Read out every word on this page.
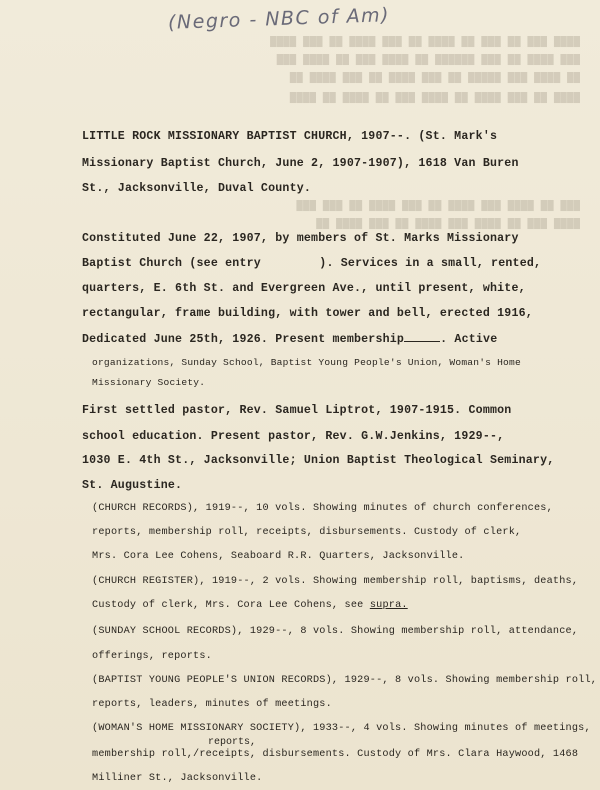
████ ███ ██ ███ ██ ████ ██ ███ ████ ██ ███ ████
███ ████ ██ ███ ██████ ██ ████ ███ ██ ████ ███
██ ████ ███ █████ ██ ███ ████ ██ ███ ████ ██
████ ██ ███ ████ ██ ████ ███ ██ ████ ██ ████
███ ██ ████ ███ ████ ██ ███ ████ ██ ███ ███
████ ███ ██ ████ ███ ████ ██ ███ ████ ██
(Negro - NBC of Am)
LITTLE ROCK MISSIONARY BAPTIST CHURCH, 1907--. (St. Mark's
Missionary Baptist Church, June 2, 1907-1907), 1618 Van Buren
St., Jacksonville, Duval County.
Constituted June 22, 1907, by members of St. Marks Missionary
Baptist Church (see entry	). Services in a small, rented,
quarters, E. 6th St. and Evergreen Ave., until present, white,
rectangular, frame building, with tower and bell, erected 1916,
Dedicated June 25th, 1926. Present membership	. Active
organizations, Sunday School, Baptist Young People's Union, Woman's Home
Missionary Society.
First settled pastor, Rev. Samuel Liptrot, 1907-1915. Common
school education. Present pastor, Rev. G.W.Jenkins, 1929--,
1030 E. 4th St., Jacksonville; Union Baptist Theological Seminary,
St. Augustine.
(CHURCH RECORDS), 1919--, 10 vols. Showing minutes of church conferences,
reports, membership roll, receipts, disbursements. Custody of clerk,
Mrs. Cora Lee Cohens, Seaboard R.R. Quarters, Jacksonville.
(CHURCH REGISTER), 1919--, 2 vols. Showing membership roll, baptisms, deaths,
Custody of clerk, Mrs. Cora Lee Cohens, see supra.
(SUNDAY SCHOOL RECORDS), 1929--, 8 vols. Showing membership roll, attendance,
offerings, reports.
(BAPTIST YOUNG PEOPLE'S UNION RECORDS), 1929--, 8 vols. Showing membership roll,
reports, leaders, minutes of meetings.
(WOMAN'S HOME MISSIONARY SOCIETY), 1933--, 4 vols. Showing minutes of meetings,
reports,
membership roll,/receipts, disbursements. Custody of Mrs. Clara Haywood, 1468
Milliner St., Jacksonville.
